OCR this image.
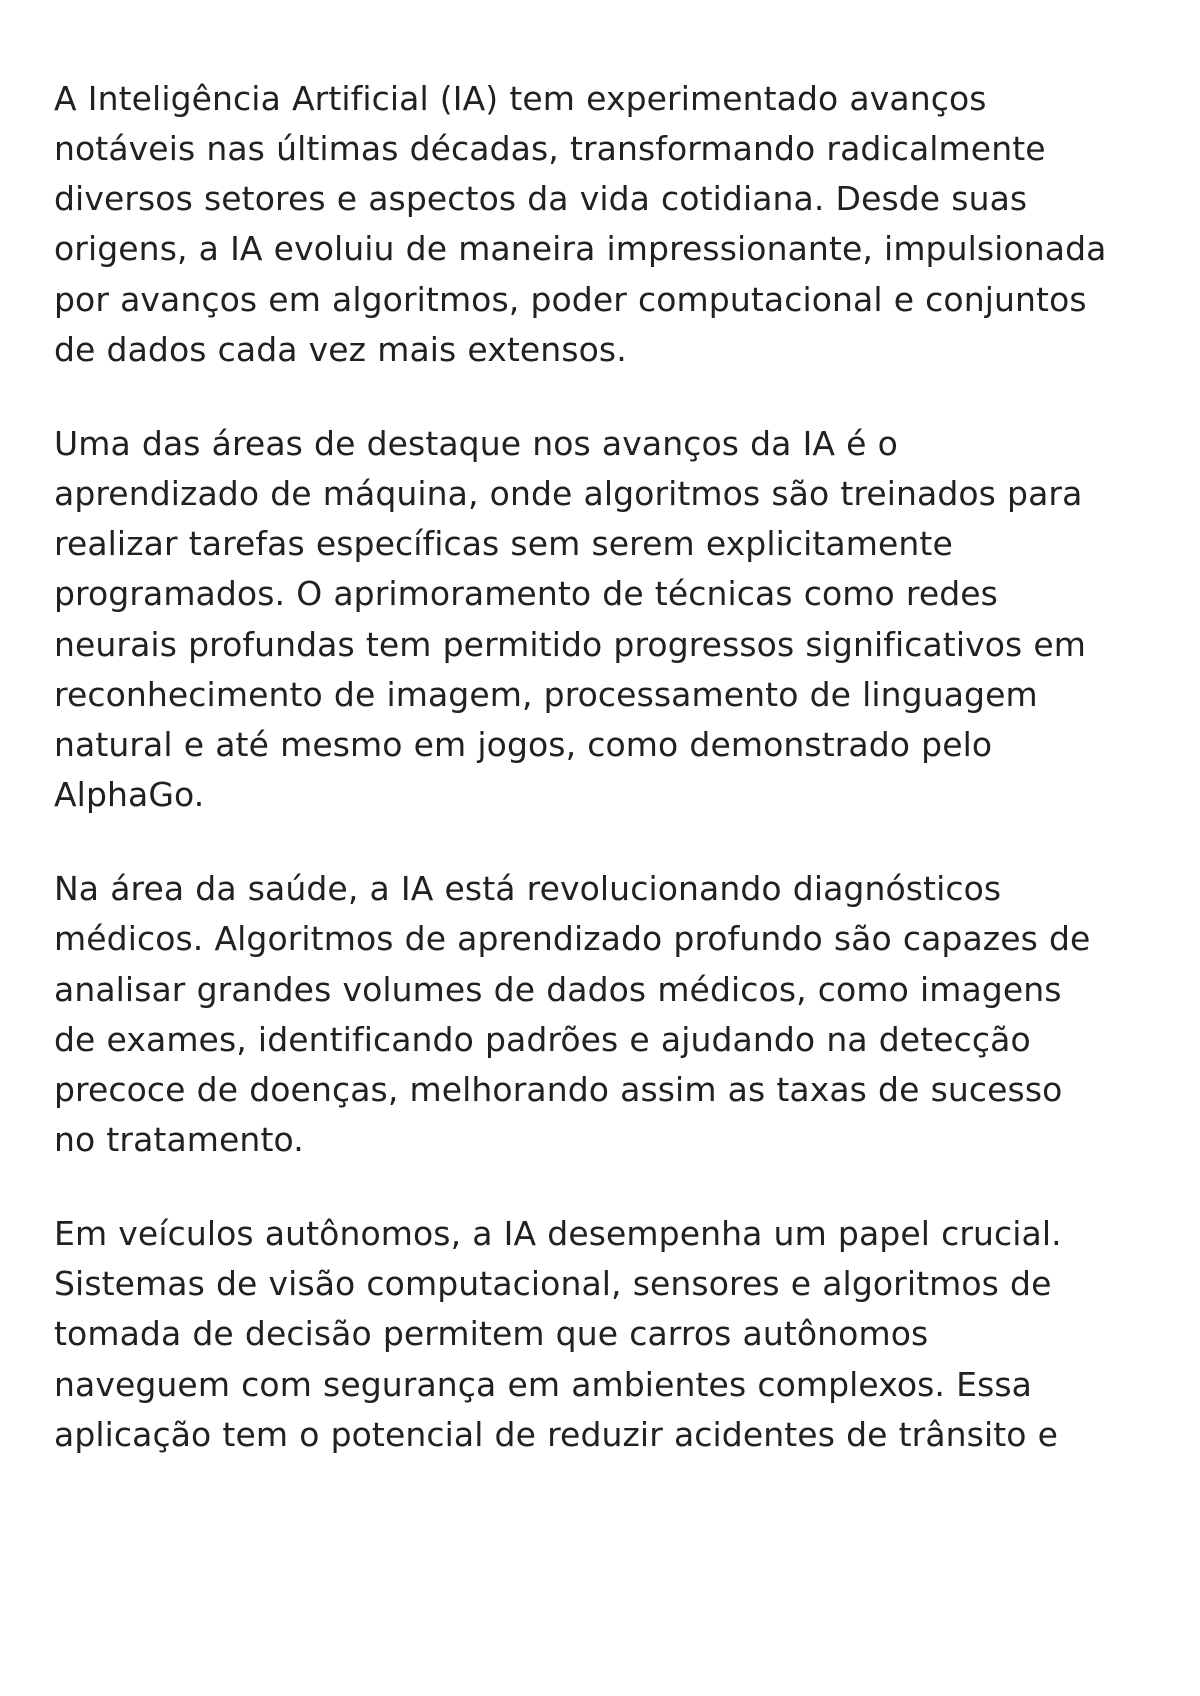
A Inteligência Artificial (IA) tem experimentado avanços notáveis nas últimas décadas, transformando radicalmente diversos setores e aspectos da vida cotidiana. Desde suas origens, a IA evoluiu de maneira impressionante, impulsionada por avanços em algoritmos, poder computacional e conjuntos de dados cada vez mais extensos.

Uma das áreas de destaque nos avanços da IA é o aprendizado de máquina, onde algoritmos são treinados para realizar tarefas específicas sem serem explicitamente programados. O aprimoramento de técnicas como redes neurais profundas tem permitido progressos significativos em reconhecimento de imagem, processamento de linguagem natural e até mesmo em jogos, como demonstrado pelo AlphaGo.

Na área da saúde, a IA está revolucionando diagnósticos médicos. Algoritmos de aprendizado profundo são capazes de analisar grandes volumes de dados médicos, como imagens de exames, identificando padrões e ajudando na detecção precoce de doenças, melhorando assim as taxas de sucesso no tratamento.

Em veículos autônomos, a IA desempenha um papel crucial. Sistemas de visão computacional, sensores e algoritmos de tomada de decisão permitem que carros autônomos naveguem com segurança em ambientes complexos. Essa aplicação tem o potencial de reduzir acidentes de trânsito e
